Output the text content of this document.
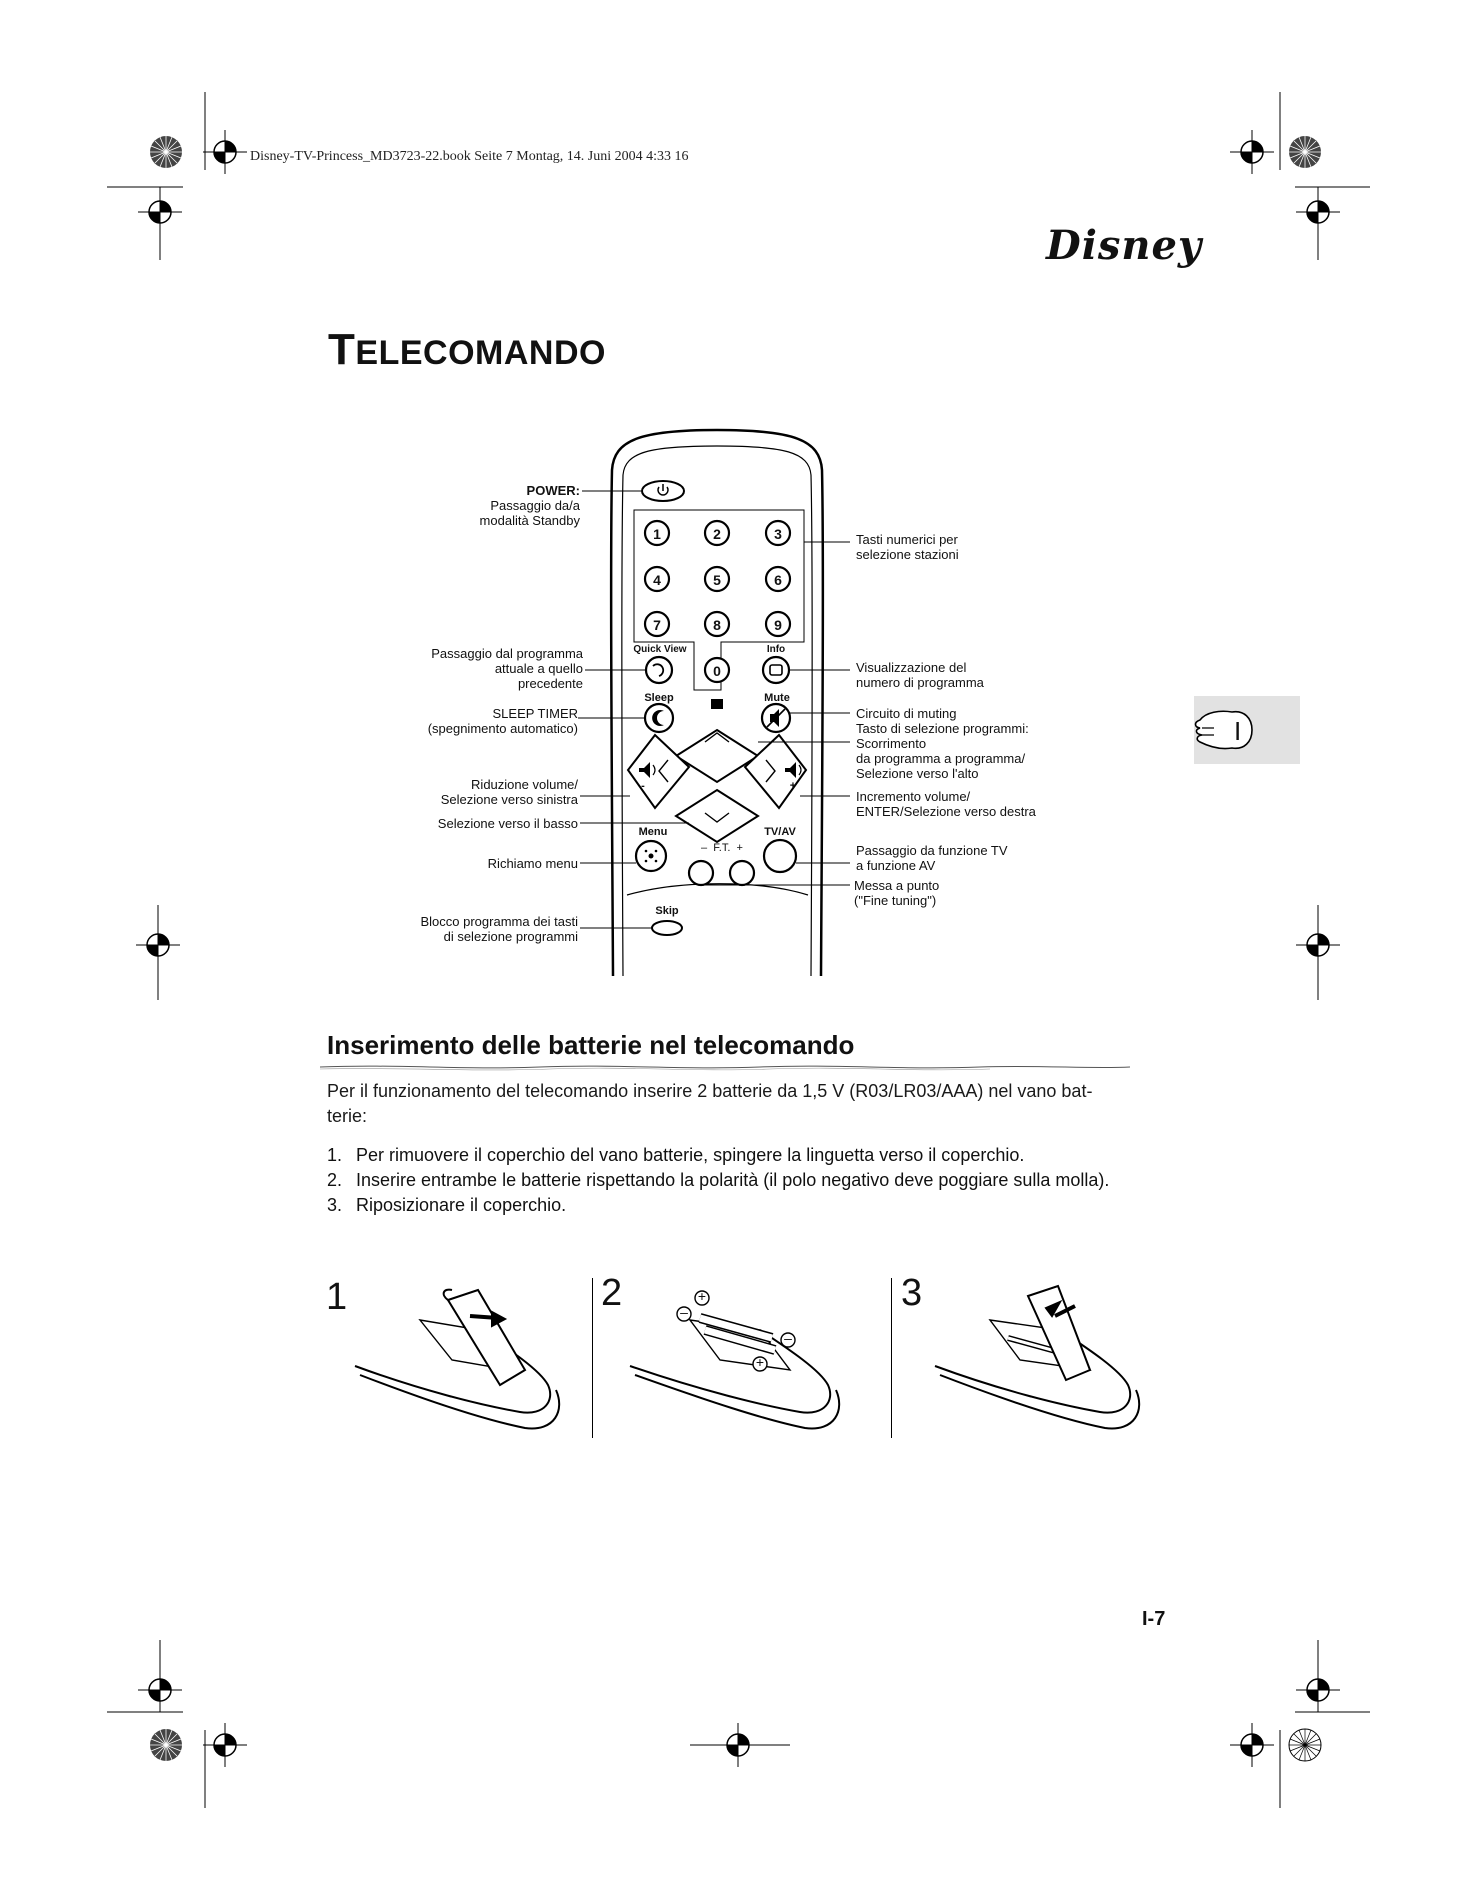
Disney-TV-Princess_MD3723-22.book Seite 7 Montag, 14. Juni 2004 4:33 16
Disney
I
TELECOMANDO
1	2	3
4	5	6
7	8	9
0
Quick View	Info
Sleep	Mute
Menu	TV/AV
– F.T. +
Skip
-	+
POWER:
Passaggio da/a
modalità Standby
Passaggio dal programma
attuale a quello
precedente
SLEEP TIMER
(spegnimento automatico)
Riduzione volume/
Selezione verso sinistra
Selezione verso il basso
Richiamo menu
Blocco programma dei tasti
di selezione programmi
Tasti numerici per
selezione stazioni
Visualizzazione del
numero di programma
Circuito di muting
Tasto di selezione programmi:
Scorrimento
da programma a programma/
Selezione verso l'alto
Incremento volume/
ENTER/Selezione verso destra
Passaggio da funzione TV
a funzione AV
Messa a punto
("Fine tuning")
Inserimento delle batterie nel telecomando
Per il funzionamento del telecomando inserire 2 batterie da 1,5 V (R03/LR03/AAA) nel vano bat-
terie:
1. Per rimuovere il coperchio del vano batterie, spingere la linguetta verso il coperchio.
2. Inserire entrambe le batterie rispettando la polarità (il polo negativo deve poggiare sulla molla).
3. Riposizionare il coperchio.
1	2	3
+
–
–
+
I-7
